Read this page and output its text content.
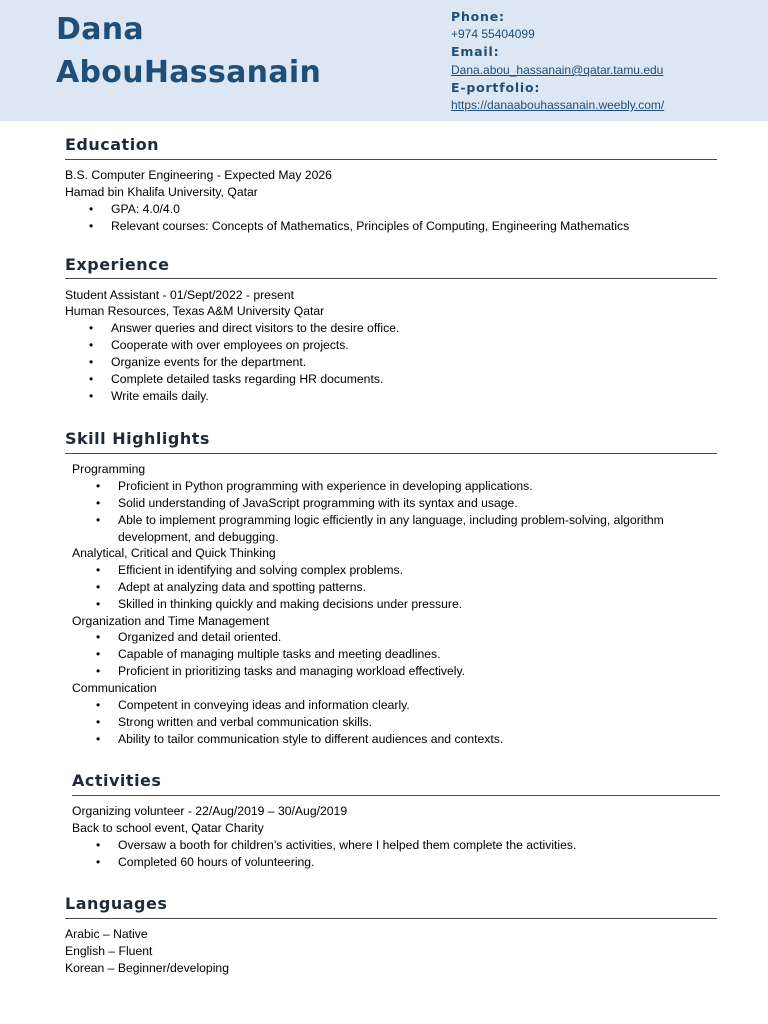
Dana
AbouHassanain
Phone:
+974 55404099
Email:
Dana.abou_hassanain@qatar.tamu.edu
E-portfolio:
https://danaabouhassanain.weebly.com/
Education
B.S. Computer Engineering - Expected May 2026
Hamad bin Khalifa University, Qatar
• GPA: 4.0/4.0
• Relevant courses: Concepts of Mathematics, Principles of Computing, Engineering Mathematics
Experience
Student Assistant - 01/Sept/2022 - present
Human Resources, Texas A&M University Qatar
• Answer queries and direct visitors to the desire office.
• Cooperate with over employees on projects.
• Organize events for the department.
• Complete detailed tasks regarding HR documents.
• Write emails daily.
Skill Highlights
Programming
• Proficient in Python programming with experience in developing applications.
• Solid understanding of JavaScript programming with its syntax and usage.
• Able to implement programming logic efficiently in any language, including problem-solving, algorithm development, and debugging.
Analytical, Critical and Quick Thinking
• Efficient in identifying and solving complex problems.
• Adept at analyzing data and spotting patterns.
• Skilled in thinking quickly and making decisions under pressure.
Organization and Time Management
• Organized and detail oriented.
• Capable of managing multiple tasks and meeting deadlines.
• Proficient in prioritizing tasks and managing workload effectively.
Communication
• Competent in conveying ideas and information clearly.
• Strong written and verbal communication skills.
• Ability to tailor communication style to different audiences and contexts.
Activities
Organizing volunteer - 22/Aug/2019 – 30/Aug/2019
Back to school event, Qatar Charity
• Oversaw a booth for children’s activities, where I helped them complete the activities.
• Completed 60 hours of volunteering.
Languages
Arabic – Native
English – Fluent
Korean – Beginner/developing
